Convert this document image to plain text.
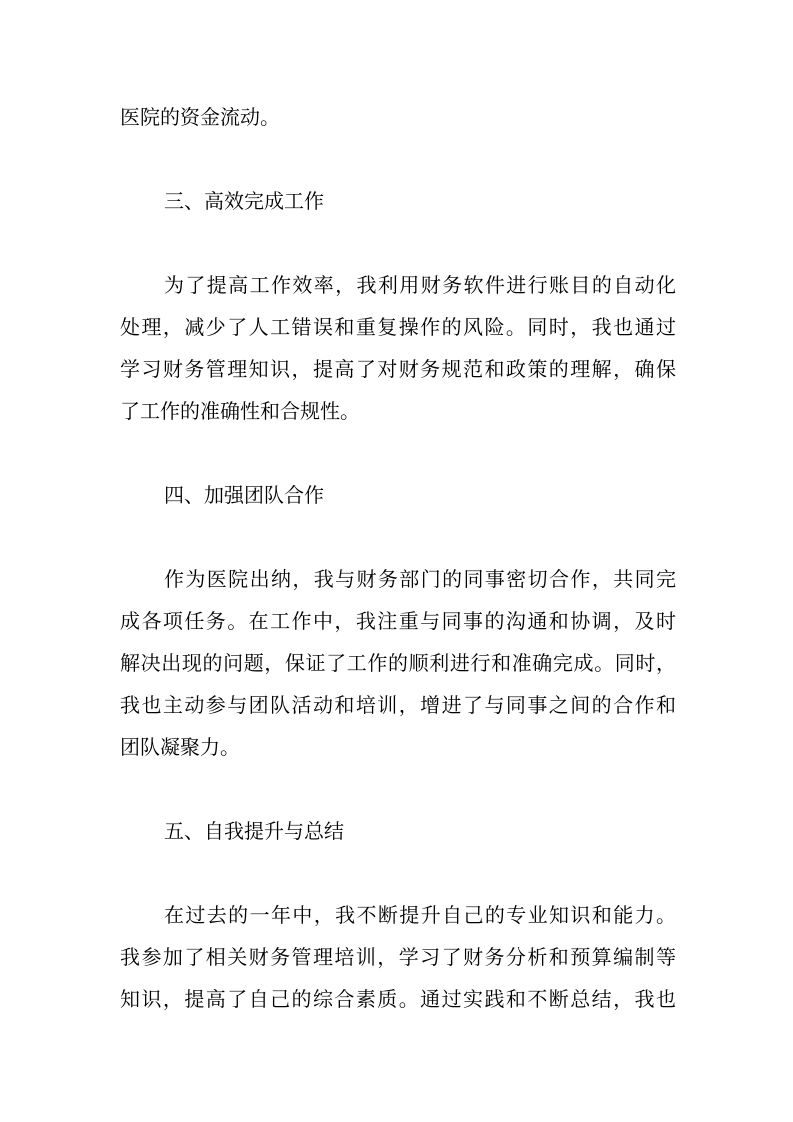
医院的资金流动。
三、高效完成工作
为了提高工作效率，我利用财务软件进行账目的自动化
处理，减少了人工错误和重复操作的风险。同时，我也通过
学习财务管理知识，提高了对财务规范和政策的理解，确保
了工作的准确性和合规性。
四、加强团队合作
作为医院出纳，我与财务部门的同事密切合作，共同完
成各项任务。在工作中，我注重与同事的沟通和协调，及时
解决出现的问题，保证了工作的顺利进行和准确完成。同时，
我也主动参与团队活动和培训，增进了与同事之间的合作和
团队凝聚力。
五、自我提升与总结
在过去的一年中，我不断提升自己的专业知识和能力。
我参加了相关财务管理培训，学习了财务分析和预算编制等
知识，提高了自己的综合素质。通过实践和不断总结，我也
